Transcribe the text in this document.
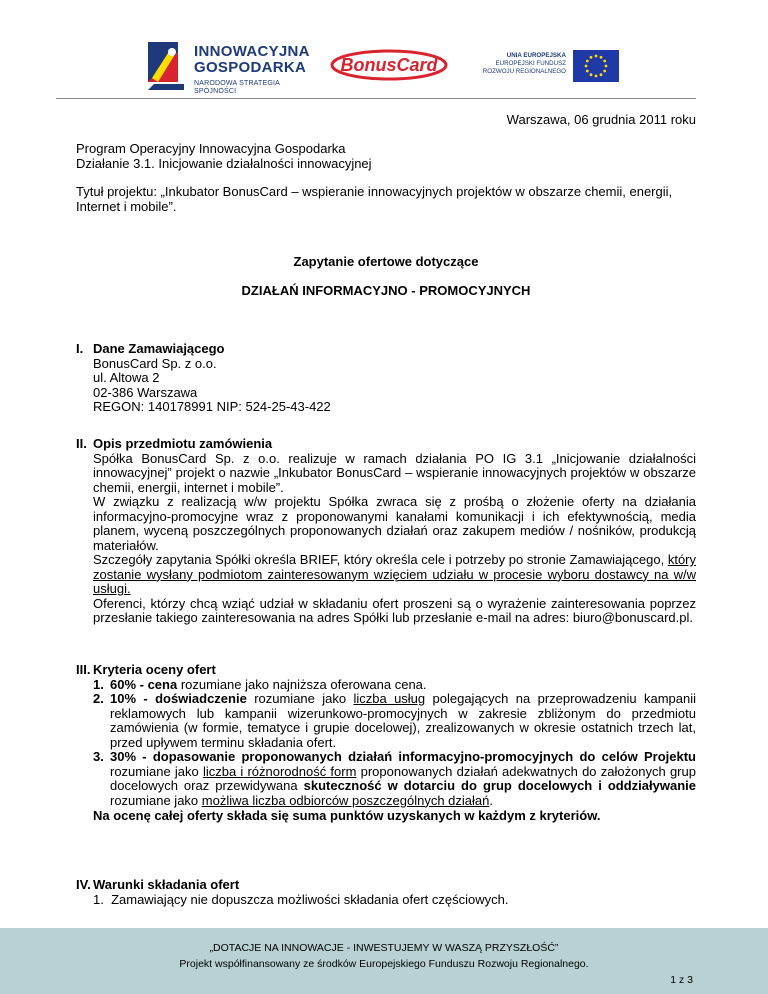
INNOWACYJNA
GOSPODARKA
NARODOWA STRATEGIA SPÓJNOŚCI
BonusCard	UNIA EUROPEJSKA
EUROPEJSKI FUNDUSZ
ROZWOJU REGIONALNEGO

Warszawa, 06 grudnia 2011 roku

Program Operacyjny Innowacyjna Gospodarka
Działanie 3.1. Inicjowanie działalności innowacyjnej

Tytuł projektu: „Inkubator BonusCard – wspieranie innowacyjnych projektów w obszarze chemii, energii, Internet i mobile”.

Zapytanie ofertowe dotyczące
DZIAŁAŃ INFORMACYJNO - PROMOCYJNYCH
I. Dane Zamawiającego
BonusCard Sp. z o.o.
ul. Altowa 2
02-386 Warszawa
REGON: 140178991 NIP: 524-25-43-422
II. Opis przedmiotu zamówienia
Spółka BonusCard Sp. z o.o. realizuje w ramach działania PO IG 3.1 „Inicjowanie działalności innowacyjnej” projekt o nazwie „Inkubator BonusCard – wspieranie innowacyjnych projektów w obszarze chemii, energii, internet i mobile”.
W związku z realizacją w/w projektu Spółka zwraca się z prośbą o złożenie oferty na działania informacyjno-promocyjne wraz z proponowanymi kanałami komunikacji i ich efektywnością, media planem, wyceną poszczególnych proponowanych działań oraz zakupem mediów / nośników, produkcją materiałów.
Szczegóły zapytania Spółki określa BRIEF, który określa cele i potrzeby po stronie Zamawiającego, który zostanie wysłany podmiotom zainteresowanym wzięciem udziału w procesie wyboru dostawcy na w/w usługi.
Oferenci, którzy chcą wziąć udział w składaniu ofert proszeni są o wyrażenie zainteresowania poprzez przesłanie takiego zainteresowania na adres Spółki lub przesłanie e-mail na adres: biuro@bonuscard.pl.
III. Kryteria oceny ofert
1. 60% - cena rozumiane jako najniższa oferowana cena.
2. 10% - doświadczenie rozumiane jako liczba usług polegających na przeprowadzeniu kampanii reklamowych lub kampanii wizerunkowo-promocyjnych w zakresie zbliżonym do przedmiotu zamówienia (w formie, tematyce i grupie docelowej), zrealizowanych w okresie ostatnich trzech lat, przed upływem terminu składania ofert.
3. 30% - dopasowanie proponowanych działań informacyjno-promocyjnych do celów Projektu rozumiane jako liczba i różnorodność form proponowanych działań adekwatnych do założonych grup docelowych oraz przewidywana skuteczność w dotarciu do grup docelowych i oddziaływanie rozumiane jako możliwa liczba odbiorców poszczególnych działań.
Na ocenę całej oferty składa się suma punktów uzyskanych w każdym z kryteriów.
IV. Warunki składania ofert
1.  Zamawiający nie dopuszcza możliwości składania ofert częściowych.
„DOTACJE NA INNOWACJE - INWESTUJEMY W WASZĄ PRZYSZŁOŚĆ”
Projekt współfinansowany ze środków Europejskiego Funduszu Rozwoju Regionalnego.
1 z 3
